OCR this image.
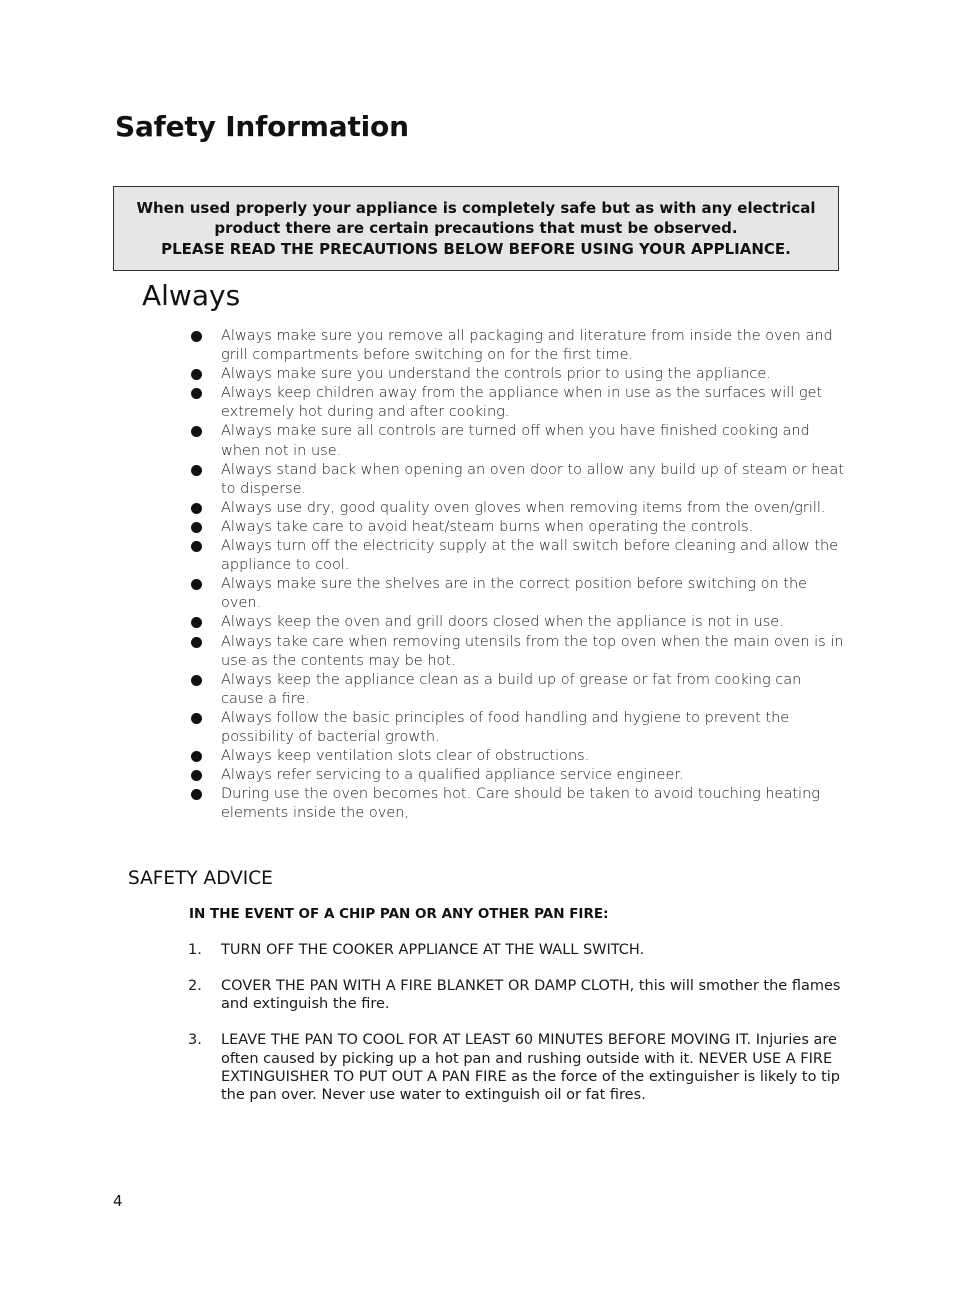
Safety Information
When used properly your appliance is completely safe but as with any electrical
product there are certain precautions that must be observed.
PLEASE READ THE PRECAUTIONS BELOW BEFORE USING YOUR APPLIANCE.
Always
Always make sure you remove all packaging and literature from inside the oven and grill compartments before switching on for the first time.
Always make sure you understand the controls prior to using the appliance.
Always keep children away from the appliance when in use as the surfaces will get extremely hot during and after cooking.
Always make sure all controls are turned off when you have finished cooking and when not in use.
Always stand back when opening an oven door to allow any build up of steam or heat to disperse.
Always use dry, good quality oven gloves when removing items from the oven/grill.
Always take care to avoid heat/steam burns when operating the controls.
Always turn off the electricity supply at the wall switch before cleaning and allow the appliance to cool.
Always make sure the shelves are in the correct position before switching on the oven.
Always keep the oven and grill doors closed when the appliance is not in use.
Always take care when removing utensils from the top oven when the main oven is in use as the contents may be hot.
Always keep the appliance clean as a build up of grease or fat from cooking can cause a fire.
Always follow the basic principles of food handling and hygiene to prevent the possibility of bacterial growth.
Always keep ventilation slots clear of obstructions.
Always refer servicing to a qualified appliance service engineer.
During use the oven becomes hot. Care should be taken to avoid touching heating elements inside the oven,
SAFETY ADVICE

IN THE EVENT OF A CHIP PAN OR ANY OTHER PAN FIRE:

1. TURN OFF THE COOKER APPLIANCE AT THE WALL SWITCH.
2. COVER THE PAN WITH A FIRE BLANKET OR DAMP CLOTH, this will smother the flames and extinguish the fire.
3. LEAVE THE PAN TO COOL FOR AT LEAST 60 MINUTES BEFORE MOVING IT. Injuries are often caused by picking up a hot pan and rushing outside with it. NEVER USE A FIRE EXTINGUISHER TO PUT OUT A PAN FIRE as the force of the extinguisher is likely to tip the pan over. Never use water to extinguish oil or fat fires.
4
